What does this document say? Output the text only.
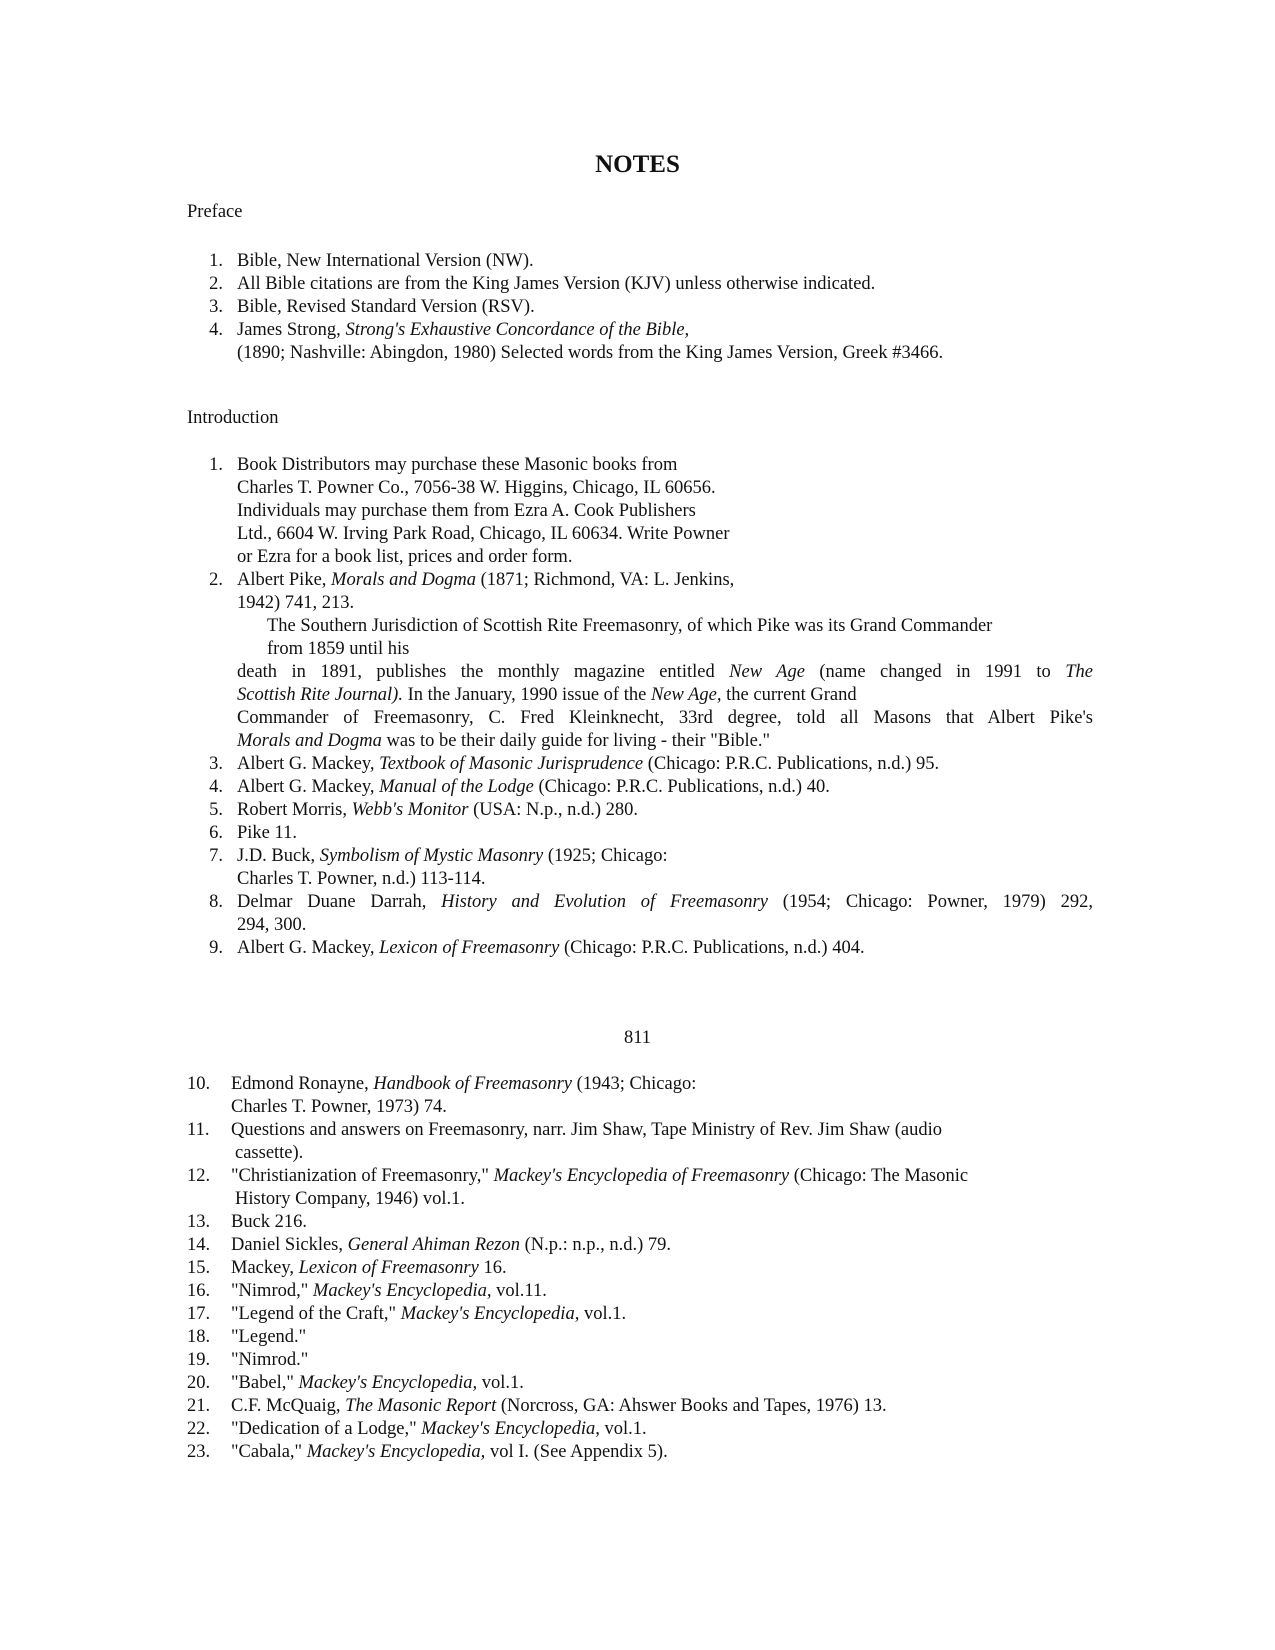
NOTES
Preface
1. Bible, New International Version (NW).
2. All Bible citations are from the King James Version (KJV) unless otherwise indicated.
3. Bible, Revised Standard Version (RSV).
4. James Strong, Strong's Exhaustive Concordance of the Bible,
(1890; Nashville: Abingdon, 1980) Selected words from the King James Version, Greek #3466.
Introduction
1. Book Distributors may purchase these Masonic books from
Charles T. Powner Co., 7056-38 W. Higgins, Chicago, IL 60656.
Individuals may purchase them from Ezra A. Cook Publishers
Ltd., 6604 W. Irving Park Road, Chicago, IL 60634. Write Powner
or Ezra for a book list, prices and order form.
2. Albert Pike, Morals and Dogma (1871; Richmond, VA: L. Jenkins,
1942) 741, 213.
The Southern Jurisdiction of Scottish Rite Freemasonry, of which Pike was its Grand Commander
from 1859 until his
death in 1891, publishes the monthly magazine entitled New Age (name changed in 1991 to The
Scottish Rite Journal). In the January, 1990 issue of the New Age, the current Grand
Commander of Freemasonry, C. Fred Kleinknecht, 33rd degree, told all Masons that Albert Pike's
Morals and Dogma was to be their daily guide for living - their "Bible."
3. Albert G. Mackey, Textbook of Masonic Jurisprudence (Chicago: P.R.C. Publications, n.d.) 95.
4. Albert G. Mackey, Manual of the Lodge (Chicago: P.R.C. Publications, n.d.) 40.
5. Robert Morris, Webb's Monitor (USA: N.p., n.d.) 280.
6. Pike 11.
7. J.D. Buck, Symbolism of Mystic Masonry (1925; Chicago:
Charles T. Powner, n.d.) 113-114.
8. Delmar Duane Darrah, History and Evolution of Freemasonry (1954; Chicago: Powner, 1979) 292,
294, 300.
9. Albert G. Mackey, Lexicon of Freemasonry (Chicago: P.R.C. Publications, n.d.) 404.
811
10.	Edmond Ronayne, Handbook of Freemasonry (1943; Chicago:
Charles T. Powner, 1973) 74.
11.	Questions and answers on Freemasonry, narr. Jim Shaw, Tape Ministry of Rev. Jim Shaw (audio
cassette).
12.	"Christianization of Freemasonry," Mackey's Encyclopedia of Freemasonry (Chicago: The Masonic
History Company, 1946) vol.1.
13.	Buck 216.
14.	Daniel Sickles, General Ahiman Rezon (N.p.: n.p., n.d.) 79.
15.	Mackey, Lexicon of Freemasonry 16.
16.	"Nimrod," Mackey's Encyclopedia, vol.11.
17.	"Legend of the Craft," Mackey's Encyclopedia, vol.1.
18.	"Legend."
19.	"Nimrod."
20.	"Babel," Mackey's Encyclopedia, vol.1.
21.	C.F. McQuaig, The Masonic Report (Norcross, GA: Ahswer Books and Tapes, 1976) 13.
22.	"Dedication of a Lodge," Mackey's Encyclopedia, vol.1.
23.	"Cabala," Mackey's Encyclopedia, vol I. (See Appendix 5).
